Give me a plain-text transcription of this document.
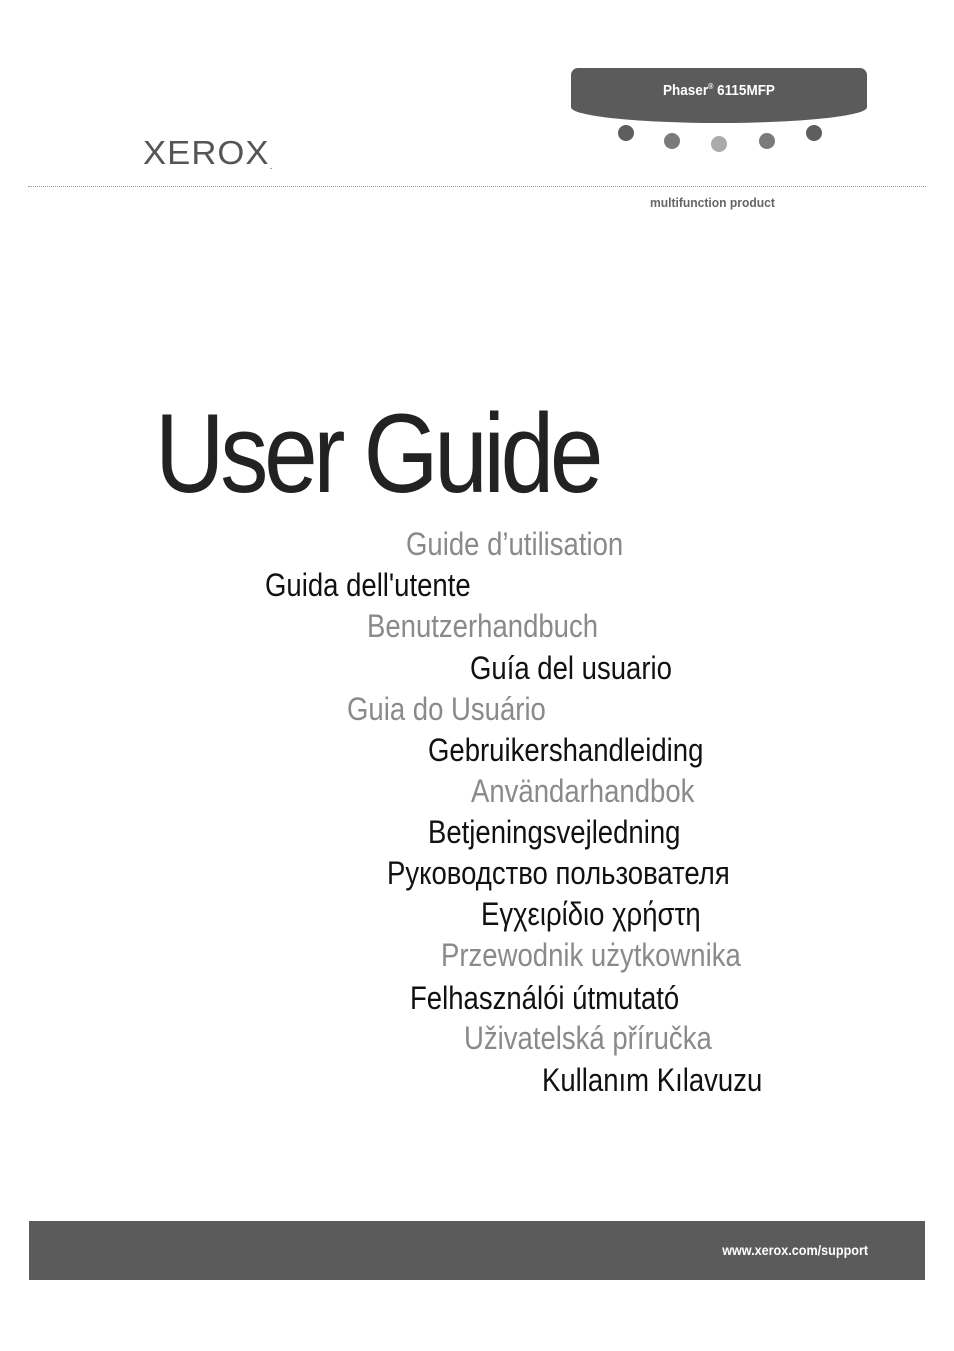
XEROX.
Phaser® 6115MFP
multifunction product
User Guide
Guide d’utilisation
Guida dell'utente
Benutzerhandbuch
Guía del usuario
Guia do Usuário
Gebruikershandleiding
Användarhandbok
Betjeningsvejledning
Руководство пользователя
Εγχειρίδιο χρήστη
Przewodnik użytkownika
Felhasználói útmutató
Uživatelská příručka
Kullanım Kılavuzu
www.xerox.com/support
